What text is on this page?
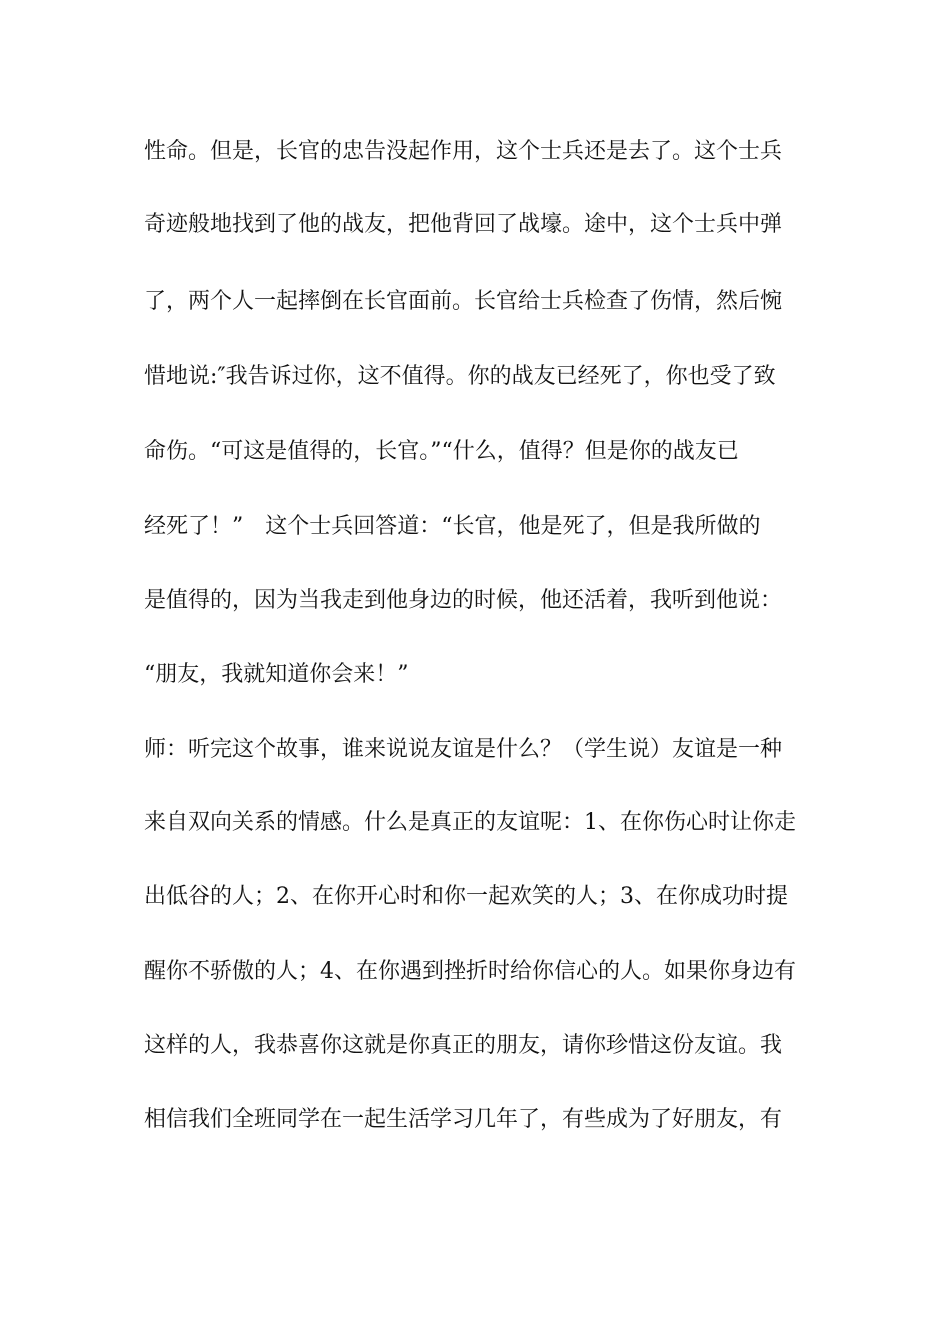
性命。但是，长官的忠告没起作用，这个士兵还是去了。这个士兵
奇迹般地找到了他的战友，把他背回了战壕。途中，这个士兵中弹
了，两个人一起摔倒在长官面前。长官给士兵检查了伤情，然后惋
惜地说:″我告诉过你，这不值得。你的战友已经死了，你也受了致
命伤。“可这是值得的，长官。”“什么，值得？但是你的战友已
经死了！”　这个士兵回答道：“长官，他是死了，但是我所做的
是值得的，因为当我走到他身边的时候，他还活着，我听到他说：
“朋友，我就知道你会来！”
师：听完这个故事，谁来说说友谊是什么？（学生说）友谊是一种
来自双向关系的情感。什么是真正的友谊呢：1、在你伤心时让你走
出低谷的人；2、在你开心时和你一起欢笑的人；3、在你成功时提
醒你不骄傲的人；4、在你遇到挫折时给你信心的人。如果你身边有
这样的人，我恭喜你这就是你真正的朋友，请你珍惜这份友谊。我
相信我们全班同学在一起生活学习几年了，有些成为了好朋友，有
